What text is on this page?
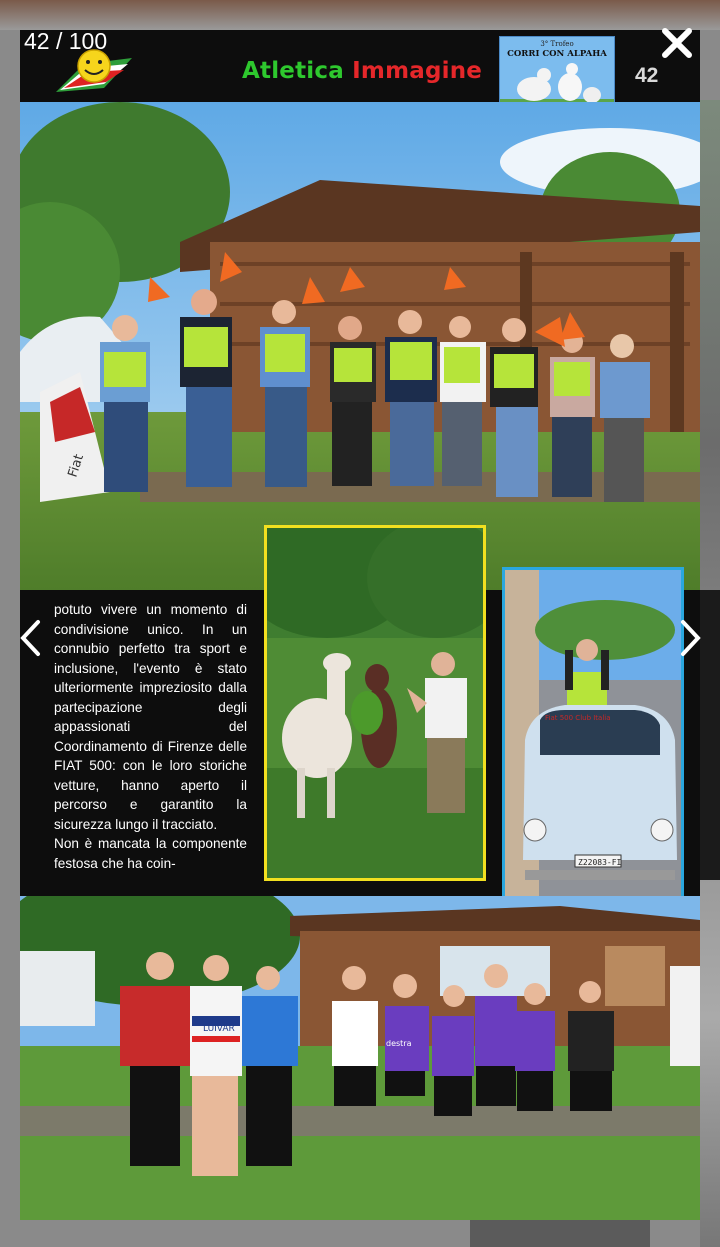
42 / 100
Atletica Immagine
3° Trofeo
CORRI CON ALPAHA
42
Fiat

potuto vivere un momento di condivisione unico. In un connubio perfetto tra sport e inclusione, l'evento è stato ulteriormente impreziosito dalla partecipazione degli appassionati del Coordinamento di Firenze delle FIAT 500: con le loro storiche vetture, hanno aperto il percorso e garantito la sicurezza lungo il tracciato.

Non è mancata la componente festosa che ha coin-

Fiat 500 Club Italia
Z22083-FI
LUIVAR
destra
